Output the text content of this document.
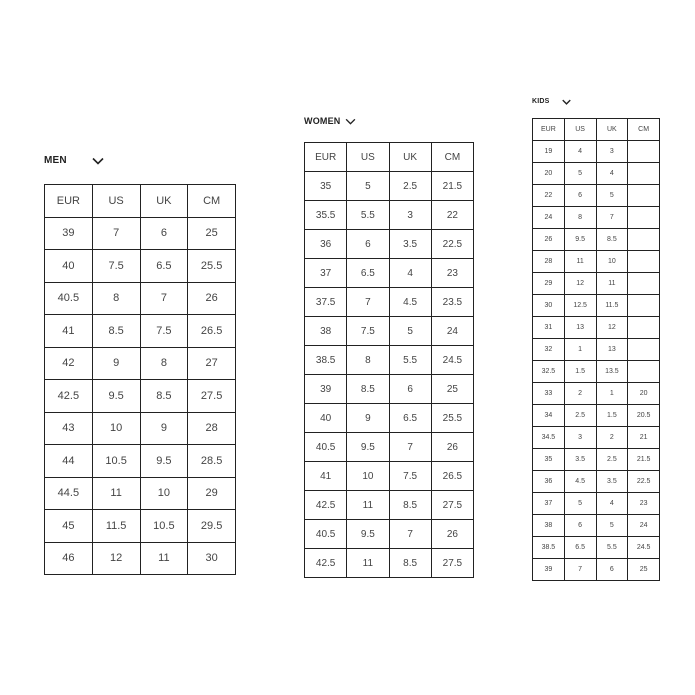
MEN
EUR	US	UK	CM
39	7	6	25
40	7.5	6.5	25.5
40.5	8	7	26
41	8.5	7.5	26.5
42	9	8	27
42.5	9.5	8.5	27.5
43	10	9	28
44	10.5	9.5	28.5
44.5	11	10	29
45	11.5	10.5	29.5
46	12	11	30
WOMEN
EUR	US	UK	CM
35	5	2.5	21.5
35.5	5.5	3	22
36	6	3.5	22.5
37	6.5	4	23
37.5	7	4.5	23.5
38	7.5	5	24
38.5	8	5.5	24.5
39	8.5	6	25
40	9	6.5	25.5
40.5	9.5	7	26
41	10	7.5	26.5
42.5	11	8.5	27.5
40.5	9.5	7	26
42.5	11	8.5	27.5
KIDS
EUR	US	UK	CM
19	4	3	
20	5	4	
22	6	5	
24	8	7	
26	9.5	8.5	
28	11	10	
29	12	11	
30	12.5	11.5	
31	13	12	
32	1	13	
32.5	1.5	13.5	
33	2	1	20
34	2.5	1.5	20.5
34.5	3	2	21
35	3.5	2.5	21.5
36	4.5	3.5	22.5
37	5	4	23
38	6	5	24
38.5	6.5	5.5	24.5
39	7	6	25
